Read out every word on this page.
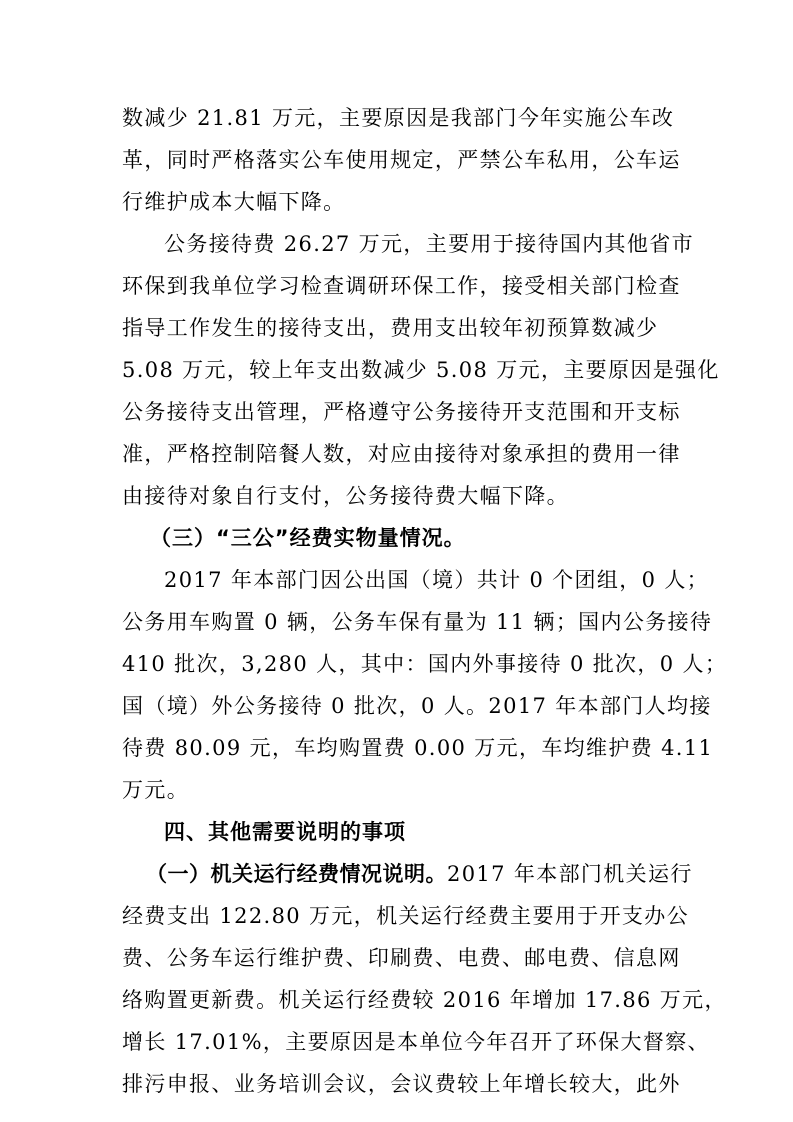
数减少 21.81 万元，主要原因是我部门今年实施公车改
革，同时严格落实公车使用规定，严禁公车私用，公车运
行维护成本大幅下降。
公务接待费 26.27 万元，主要用于接待国内其他省市
环保到我单位学习检查调研环保工作，接受相关部门检查
指导工作发生的接待支出，费用支出较年初预算数减少
5.08 万元，较上年支出数减少 5.08 万元，主要原因是强化
公务接待支出管理，严格遵守公务接待开支范围和开支标
准，严格控制陪餐人数，对应由接待对象承担的费用一律
由接待对象自行支付，公务接待费大幅下降。
（三）“三公”经费实物量情况。
2017 年本部门因公出国（境）共计 0 个团组，0 人；
公务用车购置 0 辆，公务车保有量为 11 辆；国内公务接待
410 批次，3,280 人，其中：国内外事接待 0 批次，0 人；
国（境）外公务接待 0 批次，0 人。2017 年本部门人均接
待费 80.09 元，车均购置费 0.00 万元，车均维护费 4.11
万元。
四、其他需要说明的事项
（一）机关运行经费情况说明。2017 年本部门机关运行
经费支出 122.80 万元，机关运行经费主要用于开支办公
费、公务车运行维护费、印刷费、电费、邮电费、信息网
络购置更新费。机关运行经费较 2016 年增加 17.86 万元，
增长 17.01%，主要原因是本单位今年召开了环保大督察、
排污申报、业务培训会议，会议费较上年增长较大，此外
